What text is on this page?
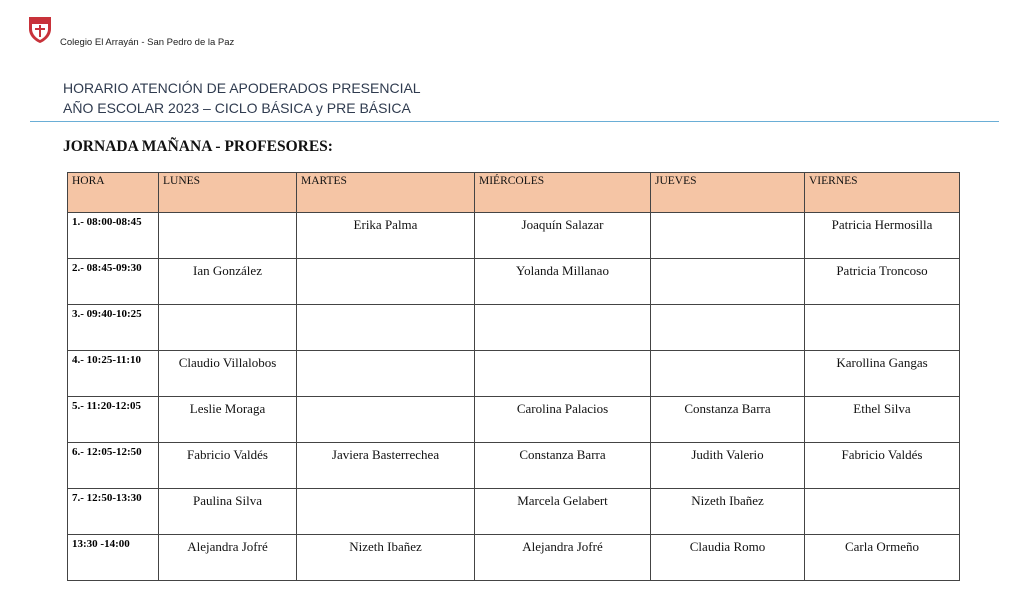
Colegio El Arrayán - San Pedro de la Paz
HORARIO ATENCIÓN DE APODERADOS PRESENCIAL
AÑO ESCOLAR 2023 – CICLO BÁSICA y PRE BÁSICA
JORNADA MAÑANA - PROFESORES:
HORA	LUNES	MARTES	MIÉRCOLES	JUEVES	VIERNES
1.- 08:00-08:45		Erika Palma	Joaquín Salazar		Patricia Hermosilla
2.- 08:45-09:30	Ian González		Yolanda Millanao		Patricia Troncoso
3.- 09:40-10:25					
4.- 10:25-11:10	Claudio Villalobos				Karollina Gangas
5.- 11:20-12:05	Leslie Moraga		Carolina Palacios	Constanza Barra	Ethel Silva
6.- 12:05-12:50	Fabricio Valdés	Javiera Basterrechea	Constanza Barra	Judith Valerio	Fabricio Valdés
7.- 12:50-13:30	Paulina Silva		Marcela Gelabert	Nizeth Ibañez	
13:30 -14:00	Alejandra Jofré	Nizeth Ibañez	Alejandra Jofré	Claudia Romo	Carla Ormeño
